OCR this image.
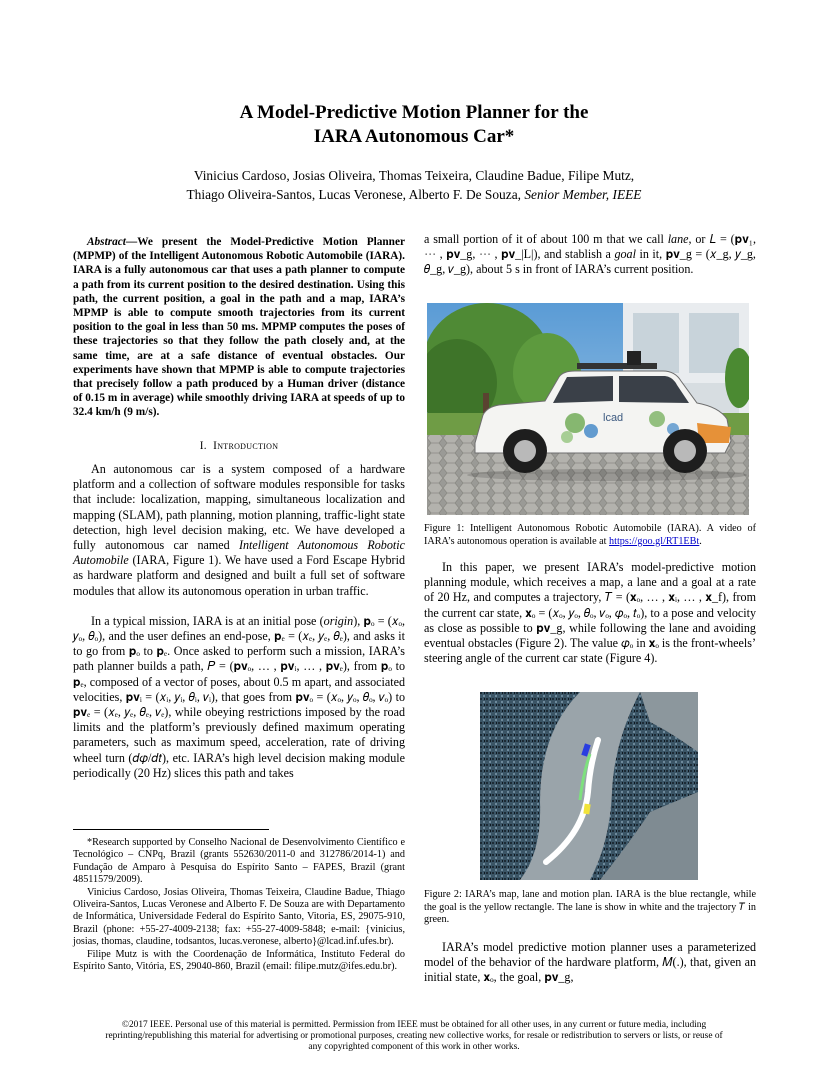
A Model-Predictive Motion Planner for the
IARA Autonomous Car*
Vinicius Cardoso, Josias Oliveira, Thomas Teixeira, Claudine Badue, Filipe Mutz,
Thiago Oliveira-Santos, Lucas Veronese, Alberto F. De Souza, Senior Member, IEEE
Abstract—We present the Model-Predictive Motion Planner (MPMP) of the Intelligent Autonomous Robotic Automobile (IARA). IARA is a fully autonomous car that uses a path planner to compute a path from its current position to the desired destination. Using this path, the current position, a goal in the path and a map, IARA’s MPMP is able to compute smooth trajectories from its current position to the goal in less than 50 ms. MPMP computes the poses of these trajectories so that they follow the path closely and, at the same time, are at a safe distance of eventual obstacles. Our experiments have shown that MPMP is able to compute trajectories that precisely follow a path produced by a Human driver (distance of 0.15 m in average) while smoothly driving IARA at speeds of up to 32.4 km/h (9 m/s).
I. Introduction

An autonomous car is a system composed of a hardware platform and a collection of software modules responsible for tasks that include: localization, mapping, simultaneous localization and mapping (SLAM), path planning, motion planning, traffic-light state detection, high level decision making, etc. We have developed a fully autonomous car named Intelligent Autonomous Robotic Automobile (IARA, Figure 1). We have used a Ford Escape Hybrid as hardware platform and designed and built a full set of software modules that allow its autonomous operation in urban traffic.

In a typical mission, IARA is at an initial pose (origin), 𝐩ₒ = (𝑥ₒ, 𝑦ₒ, 𝜃ₒ), and the user defines an end-pose, 𝐩ₑ = (𝑥ₑ, 𝑦ₑ, 𝜃ₑ), and asks it to go from 𝐩ₒ to 𝐩ₑ. Once asked to perform such a mission, IARA’s path planner builds a path, 𝑃 = (𝐩𝐯ₒ, … , 𝐩𝐯ᵢ, … , 𝐩𝐯ₑ), from 𝐩ₒ to 𝐩ₑ, composed of a vector of poses, about 0.5 m apart, and associated velocities, 𝐩𝐯ᵢ = (𝑥ᵢ, 𝑦ᵢ, 𝜃ᵢ, 𝑣ᵢ), that goes from 𝐩𝐯ₒ = (𝑥ₒ, 𝑦ₒ, 𝜃ₒ, 𝑣ₒ) to 𝐩𝐯ₑ = (𝑥ₑ, 𝑦ₑ, 𝜃ₑ, 𝑣ₑ), while obeying restrictions imposed by the road limits and the platform’s previously defined maximum operating parameters, such as maximum speed, acceleration, rate of driving wheel turn (𝑑𝜑/𝑑𝑡), etc. IARA’s high level decision making module periodically (20 Hz) slices this path and takes

*Research supported by Conselho Nacional de Desenvolvimento Científico e Tecnológico – CNPq, Brazil (grants 552630/2011-0 and 312786/2014-1) and Fundação de Amparo à Pesquisa do Espírito Santo – FAPES, Brazil (grant 48511579/2009).

Vinicius Cardoso, Josias Oliveira, Thomas Teixeira, Claudine Badue, Thiago Oliveira-Santos, Lucas Veronese and Alberto F. De Souza are with Departamento de Informática, Universidade Federal do Espírito Santo, Vitoria, ES, 29075-910, Brazil (phone: +55-27-4009-2138; fax: +55-27-4009-5848; e-mail: {vinicius, josias, thomas, claudine, todsantos, lucas.veronese, alberto}@lcad.inf.ufes.br).

Filipe Mutz is with the Coordenação de Informática, Instituto Federal do Espírito Santo, Vitória, ES, 29040-860, Brazil (email: filipe.mutz@ifes.edu.br).

a small portion of it of about 100 m that we call lane, or 𝐿 = (𝐩𝐯₁, ⋯ , 𝐩𝐯_g, ⋯ , 𝐩𝐯_|L|), and stablish a goal in it, 𝐩𝐯_g = (𝑥_g, 𝑦_g, 𝜃_g, 𝑣_g), about 5 s in front of IARA’s current position.

lcad
Figure 1: Intelligent Autonomous Robotic Automobile (IARA). A video of IARA’s autonomous operation is available at https://goo.gl/RT1EBt.

In this paper, we present IARA’s model-predictive motion planning module, which receives a map, a lane and a goal at a rate of 20 Hz, and computes a trajectory, 𝑇 = (𝐱ₒ, … , 𝐱ᵢ, … , 𝐱_f), from the current car state, 𝐱ₒ = (𝑥ₒ, 𝑦ₒ, 𝜃ₒ, 𝑣ₒ, 𝜑ₒ, 𝑡ₒ), to a pose and velocity as close as possible to 𝐩𝐯_g, while following the lane and avoiding eventual obstacles (Figure 2). The value 𝜑ₒ in 𝐱ₒ is the front-wheels’ steering angle of the current car state (Figure 4).

Figure 2: IARA’s map, lane and motion plan. IARA is the blue rectangle, while the goal is the yellow rectangle. The lane is show in white and the trajectory 𝑇 in green.

IARA’s model predictive motion planner uses a parameterized model of the behavior of the hardware platform, 𝑀(.), that, given an initial state, 𝐱ₒ, the goal, 𝐩𝐯_g,

©2017 IEEE. Personal use of this material is permitted. Permission from IEEE must be obtained for all other uses, in any current or future media, including reprinting/republishing this material for advertising or promotional purposes, creating new collective works, for resale or redistribution to servers or lists, or reuse of any copyrighted component of this work in other works.
